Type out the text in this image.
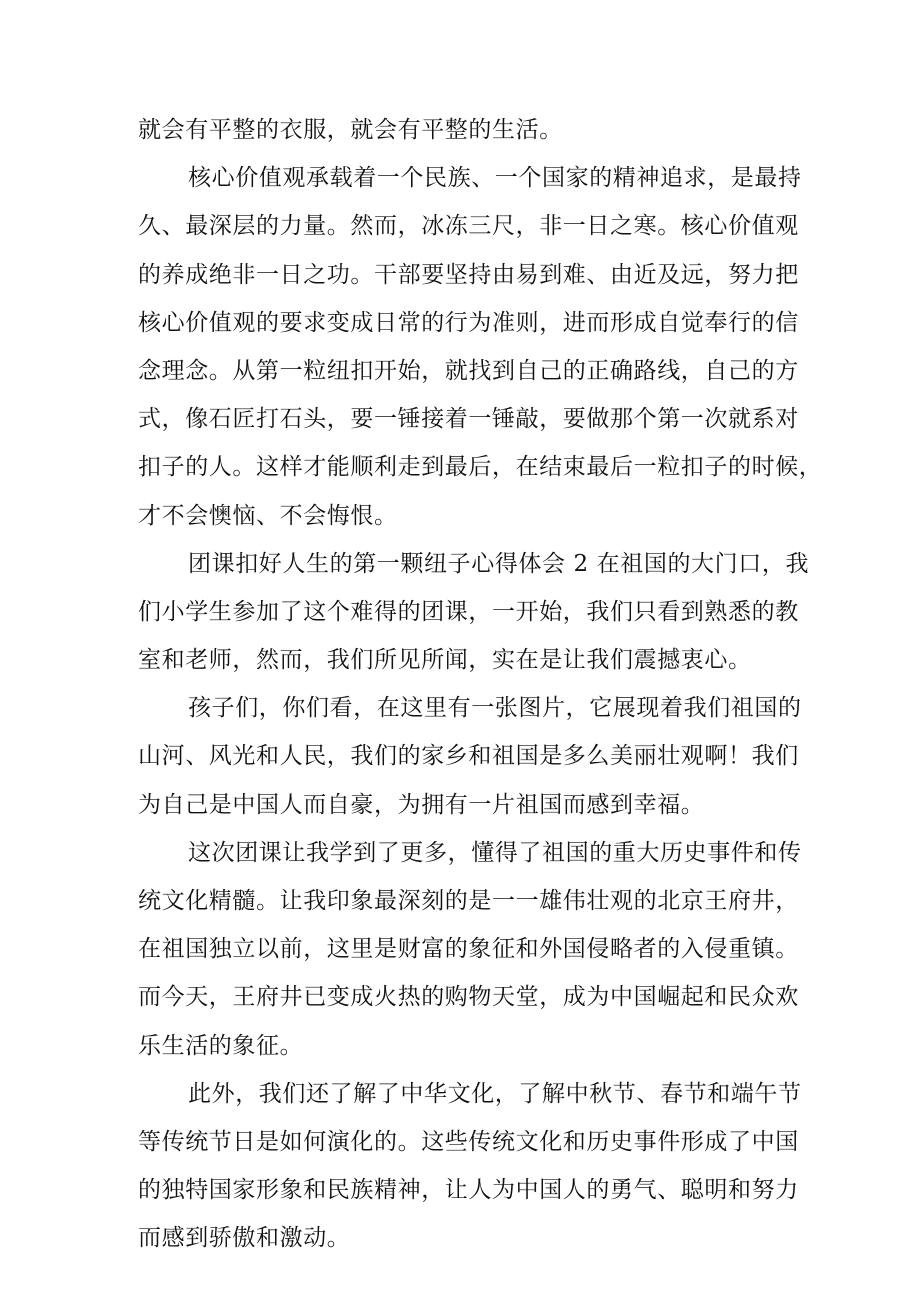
就会有平整的衣服，就会有平整的生活。
核心价值观承载着一个民族、一个国家的精神追求，是最持
久、最深层的力量。然而，冰冻三尺，非一日之寒。核心价值观
的养成绝非一日之功。干部要坚持由易到难、由近及远，努力把
核心价值观的要求变成日常的行为准则，进而形成自觉奉行的信
念理念。从第一粒纽扣开始，就找到自己的正确路线，自己的方
式，像石匠打石头，要一锤接着一锤敲，要做那个第一次就系对
扣子的人。这样才能顺利走到最后，在结束最后一粒扣子的时候，
才不会懊恼、不会悔恨。
团课扣好人生的第一颗纽子心得体会 2 在祖国的大门口，我
们小学生参加了这个难得的团课，一开始，我们只看到熟悉的教
室和老师，然而，我们所见所闻，实在是让我们震撼衷心。
孩子们，你们看，在这里有一张图片，它展现着我们祖国的
山河、风光和人民，我们的家乡和祖国是多么美丽壮观啊！我们
为自己是中国人而自豪，为拥有一片祖国而感到幸福。
这次团课让我学到了更多，懂得了祖国的重大历史事件和传
统文化精髓。让我印象最深刻的是一一雄伟壮观的北京王府井，
在祖国独立以前，这里是财富的象征和外国侵略者的入侵重镇。
而今天，王府井已变成火热的购物天堂，成为中国崛起和民众欢
乐生活的象征。
此外，我们还了解了中华文化，了解中秋节、春节和端午节
等传统节日是如何演化的。这些传统文化和历史事件形成了中国
的独特国家形象和民族精神，让人为中国人的勇气、聪明和努力
而感到骄傲和激动。
